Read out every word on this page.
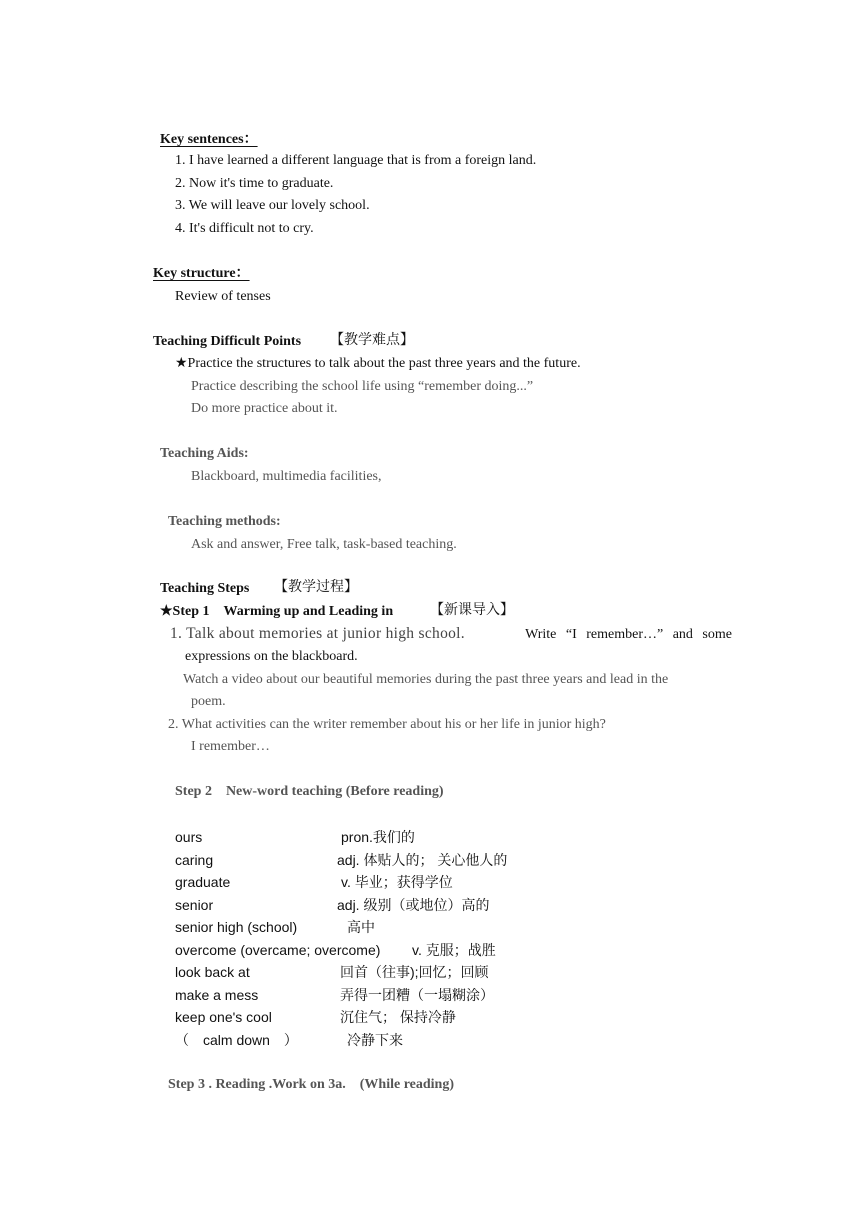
Key sentences：
1. I have learned a different language that is from a foreign land.
2. Now it's time to graduate.
3. We will leave our lovely school.
4. It's difficult not to cry.
Key structure：
Review of tenses
Teaching Difficult Points 【教学难点】
★Practice the structures to talk about the past three years and the future.
Practice describing the school life using “remember doing...”
Do more practice about it.
Teaching Aids:
Blackboard, multimedia facilities,
Teaching methods:
Ask and answer, Free talk, task-based teaching.
Teaching Steps 【教学过程】
★Step 1　Warming up and Leading in	【新课导入】
1. Talk about memories at junior high school.	Write “I remember…” and some
expressions on the blackboard.
Watch a video about our beautiful memories during the past three years and lead in the
poem.
2. What activities can the writer remember about his or her life in junior high?
I remember…
Step 2　New-word teaching (Before reading)
ours	pron.我们的
caring	adj. 体贴人的； 关心他人的
graduate	v. 毕业；获得学位
senior	adj. 级别（或地位）高的
senior high (school)	高中
overcome (overcame; overcome) v. 克服；战胜
look back at	回首（往事);回忆；回顾
make a mess	弄得一团糟（一塌糊涂）
keep one's cool	沉住气； 保持冷静
（　calm down　）	冷静下来
Step 3 . Reading .Work on 3a.　(While reading)
